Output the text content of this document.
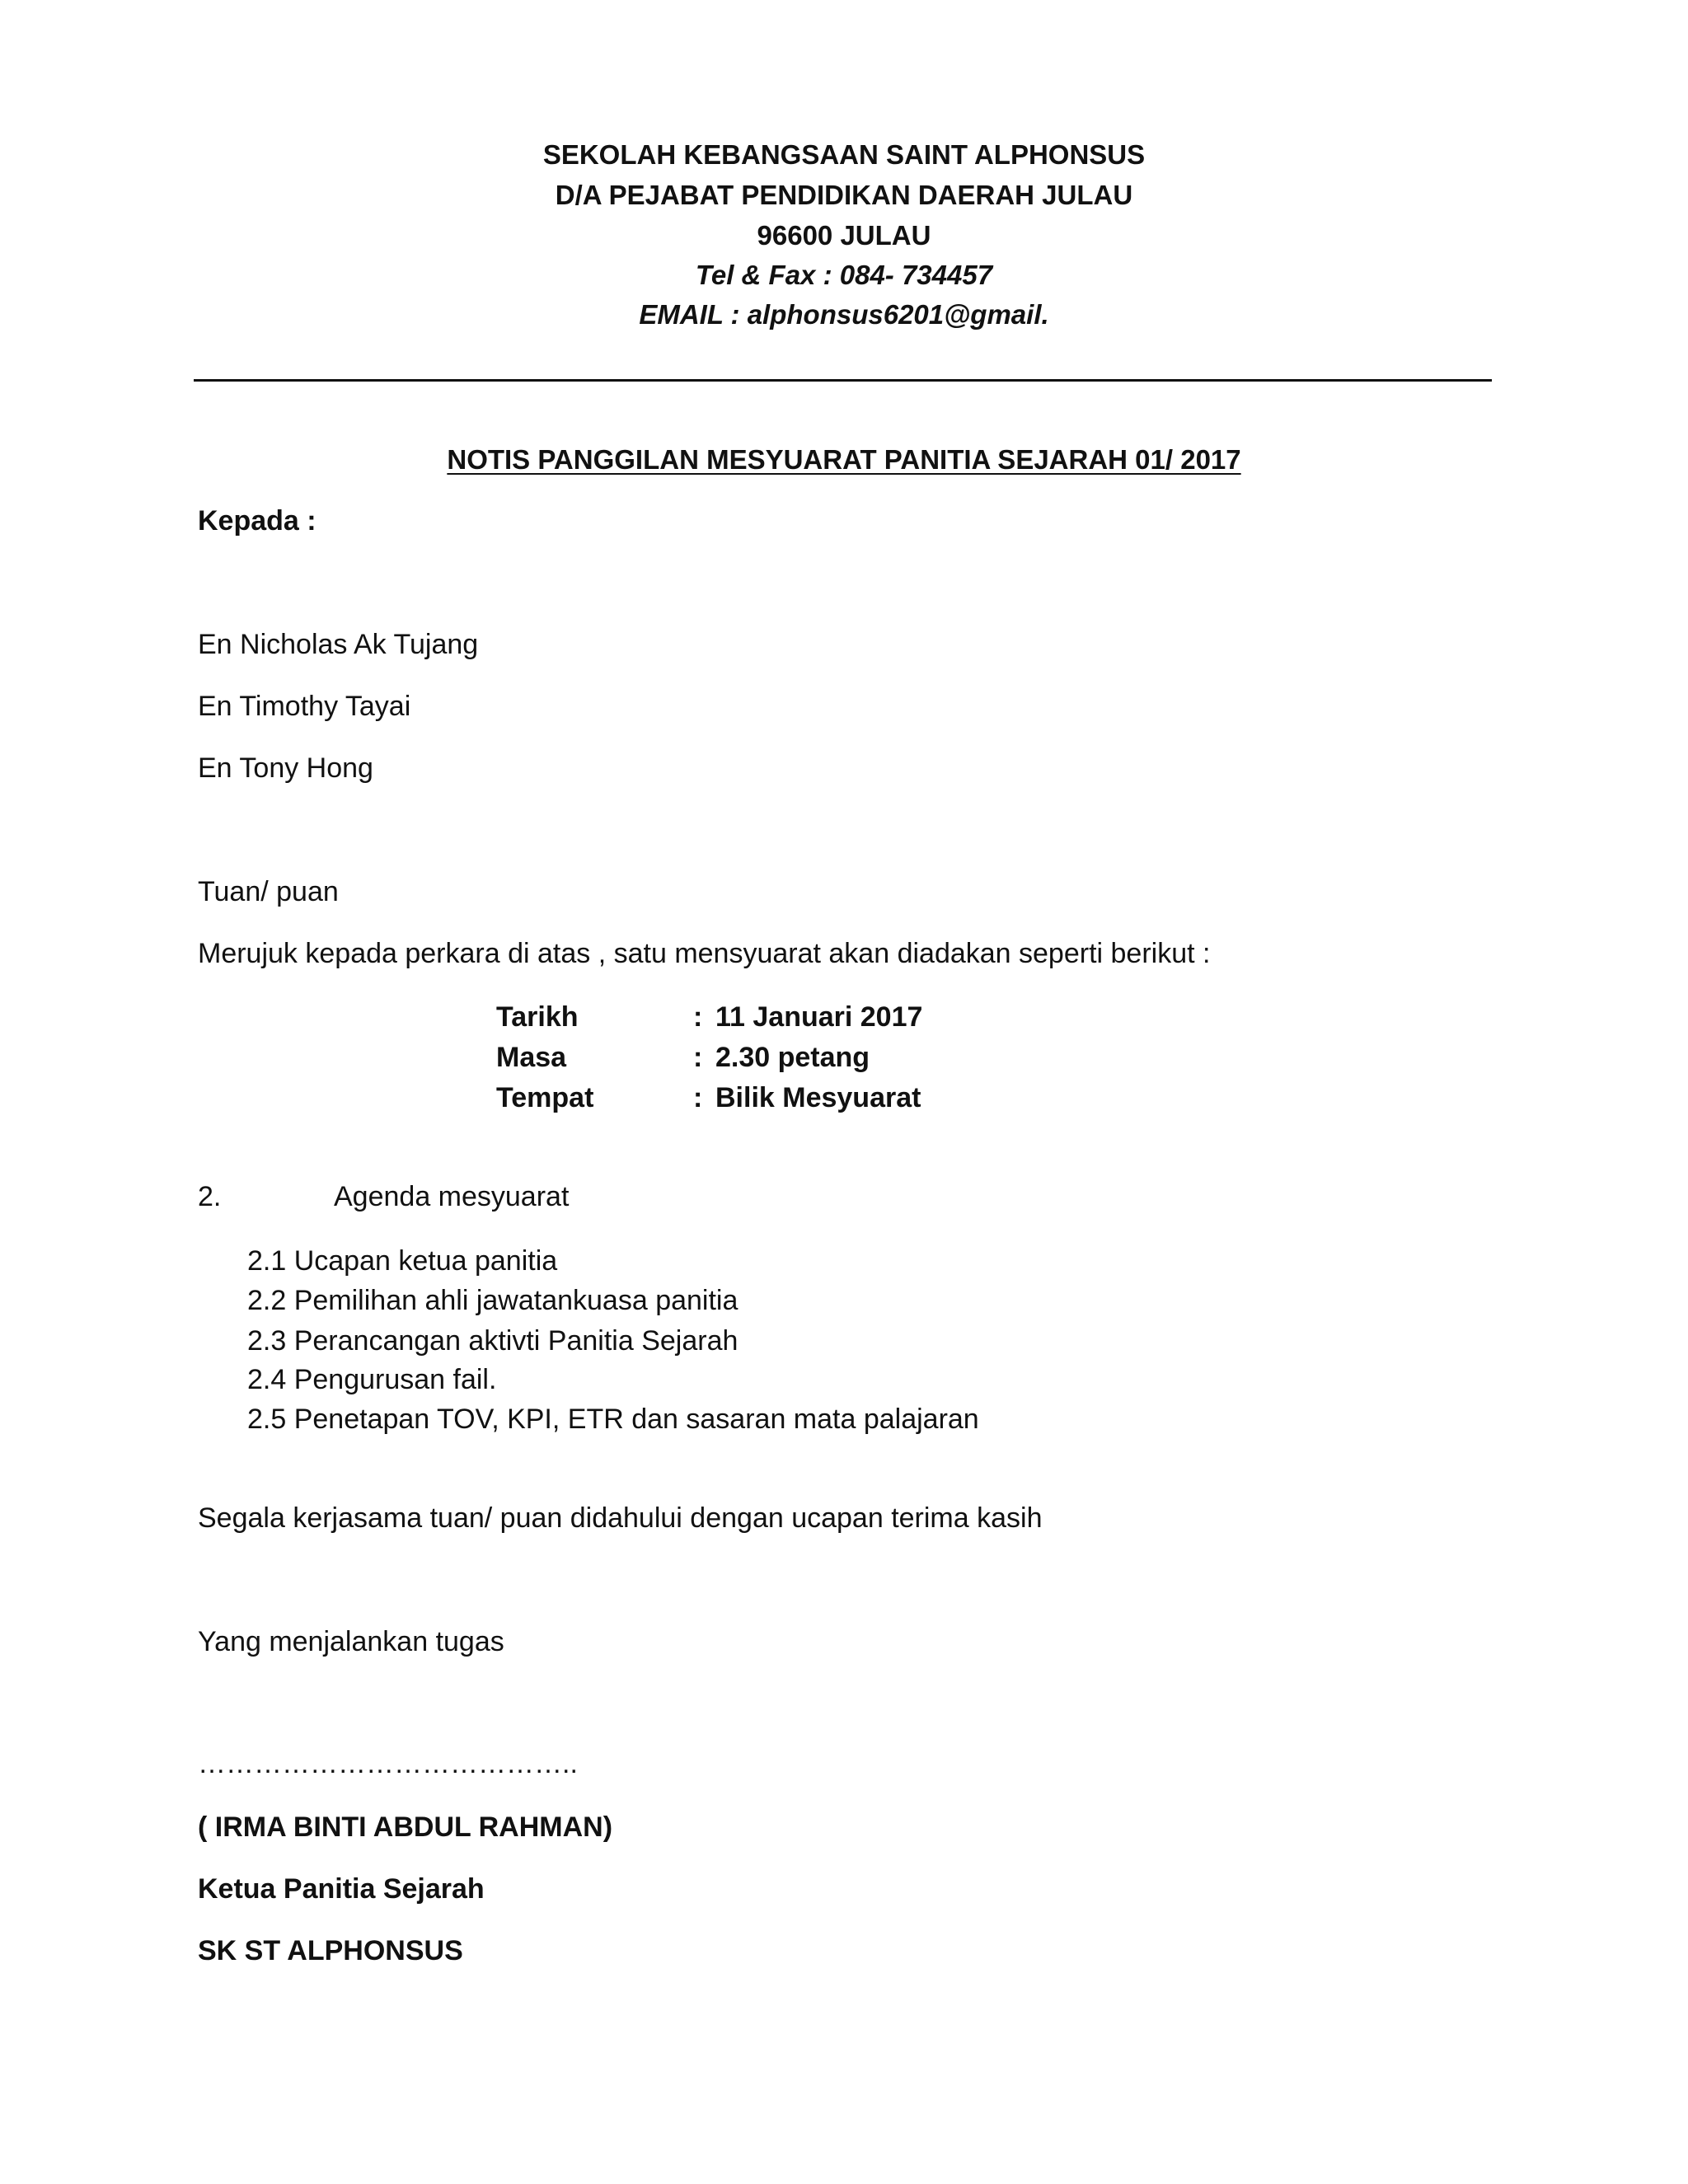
SEKOLAH KEBANGSAAN SAINT ALPHONSUS
D/A PEJABAT PENDIDIKAN DAERAH JULAU
96600 JULAU
Tel & Fax : 084- 734457
EMAIL : alphonsus6201@gmail.
NOTIS PANGGILAN MESYUARAT PANITIA SEJARAH 01/ 2017
Kepada :
En Nicholas Ak Tujang
En Timothy Tayai
En Tony Hong
Tuan/ puan
Merujuk kepada perkara di atas , satu mensyuarat akan diadakan seperti berikut :
Tarikh	: 11 Januari 2017
Masa	: 2.30 petang
Tempat	: Bilik Mesyuarat
2.	Agenda mesyuarat
2.1 Ucapan ketua panitia
2.2 Pemilihan ahli jawatankuasa panitia
2.3 Perancangan aktivti Panitia Sejarah
2.4 Pengurusan fail.
2.5 Penetapan TOV, KPI, ETR dan sasaran mata palajaran
Segala kerjasama tuan/ puan didahului dengan ucapan terima kasih
Yang menjalankan tugas
…………………………………..
( IRMA BINTI ABDUL RAHMAN)
Ketua Panitia Sejarah
SK ST ALPHONSUS
